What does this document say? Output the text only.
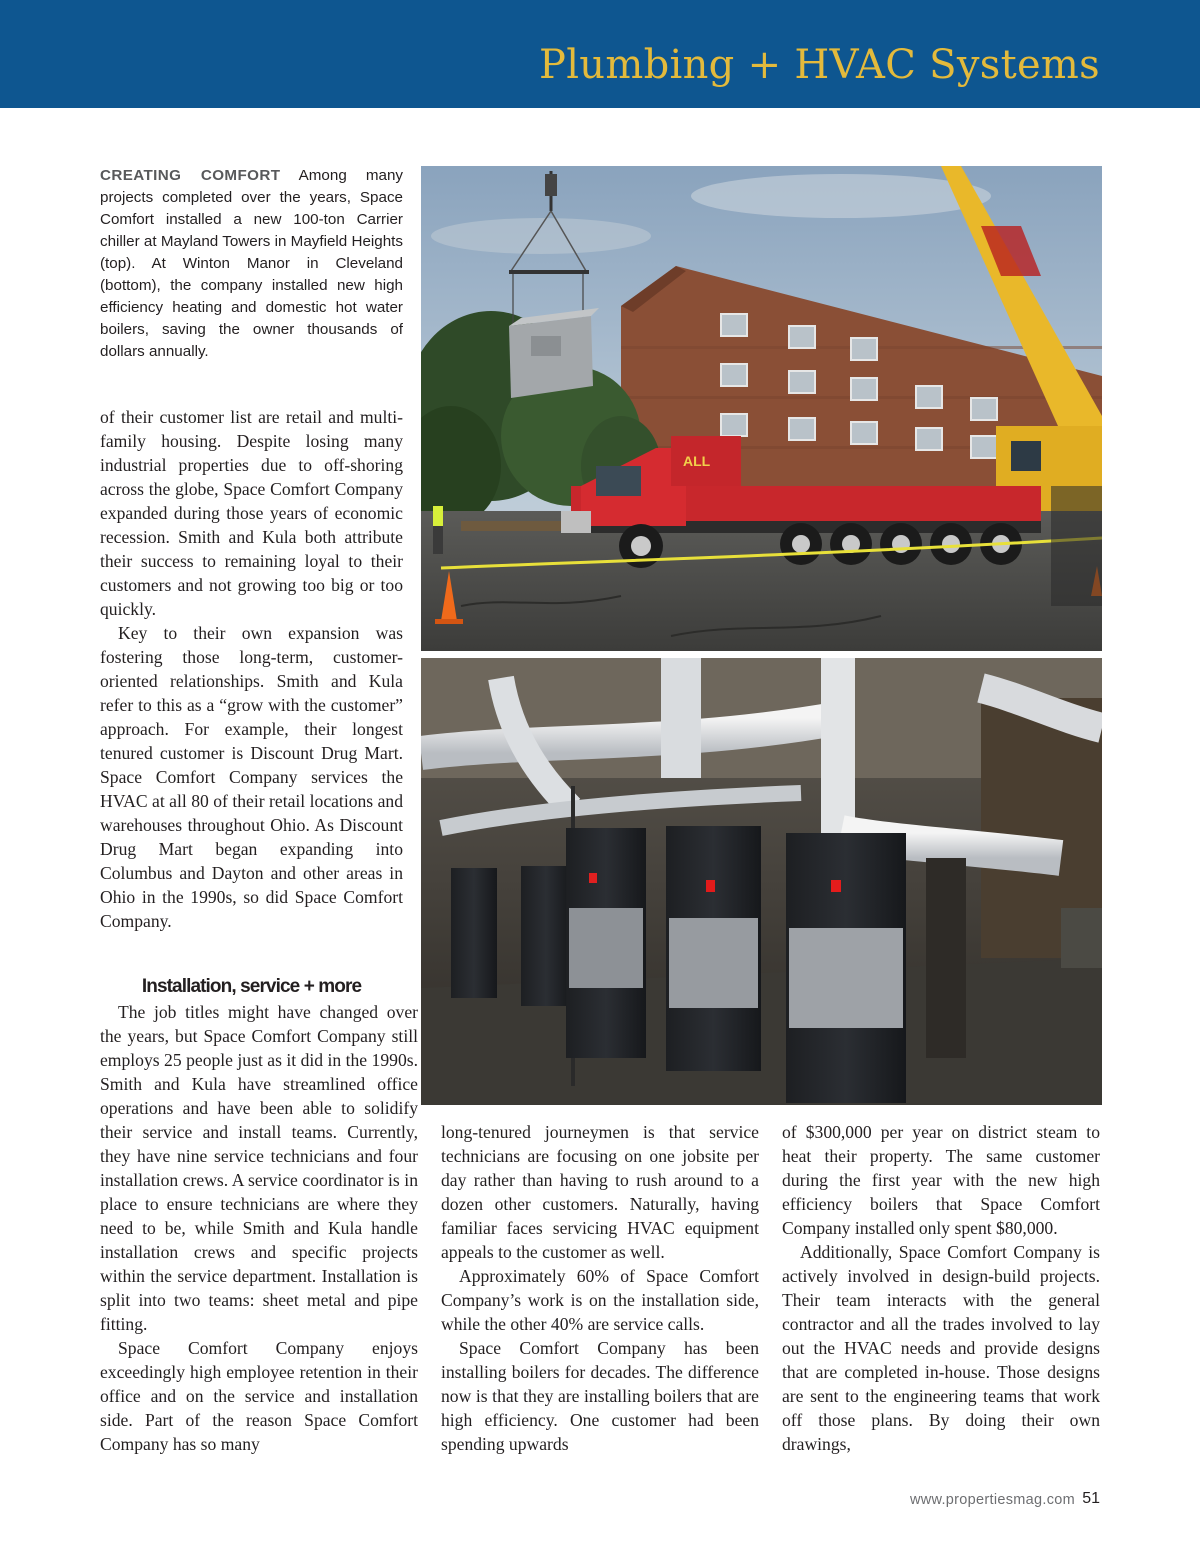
Plumbing + HVAC Systems

CREATING COMFORT Among many projects completed over the years, Space Comfort installed a new 100-ton Carrier chiller at Mayland Towers in Mayfield Heights (top). At Winton Manor in Cleveland (bottom), the company installed new high efficiency heating and domestic hot water boilers, saving the owner thousands of dollars annually.

of their customer list are retail and multi-family housing. Despite losing many industrial properties due to off-shoring across the globe, Space Comfort Company expanded during those years of economic recession. Smith and Kula both attribute their success to remaining loyal to their customers and not growing too big or too quickly.

Key to their own expansion was fostering those long-term, customer-oriented relationships. Smith and Kula refer to this as a “grow with the customer” approach. For example, their longest tenured customer is Discount Drug Mart. Space Comfort Company services the HVAC at all 80 of their retail locations and warehouses throughout Ohio. As Discount Drug Mart began expanding into Columbus and Dayton and other areas in Ohio in the 1990s, so did Space Comfort Company.

Installation, service + more

The job titles might have changed over the years, but Space Comfort Company still employs 25 people just as it did in the 1990s. Smith and Kula have streamlined office operations and have been able to solidify their service and install teams. Currently, they have nine service technicians and four installation crews. A service coordinator is in place to ensure technicians are where they need to be, while Smith and Kula handle installation crews and specific projects within the service department. Installation is split into two teams: sheet metal and pipe fitting.

Space Comfort Company enjoys exceedingly high employee retention in their office and on the service and installation side. Part of the reason Space Comfort Company has so many

long-tenured journeymen is that service technicians are focusing on one jobsite per day rather than having to rush around to a dozen other customers. Naturally, having familiar faces servicing HVAC equipment appeals to the customer as well.

Approximately 60% of Space Comfort Company’s work is on the installation side, while the other 40% are service calls.

Space Comfort Company has been installing boilers for decades. The difference now is that they are installing boilers that are high efficiency. One customer had been spending upwards

of $300,000 per year on district steam to heat their property. The same customer during the first year with the new high efficiency boilers that Space Comfort Company installed only spent $80,000.

Additionally, Space Comfort Company is actively involved in design-build projects. Their team interacts with the general contractor and all the trades involved to lay out the HVAC needs and provide designs that are completed in-house. Those designs are sent to the engineering teams that work off those plans. By doing their own drawings,

ALL
www.propertiesmag.com 51
